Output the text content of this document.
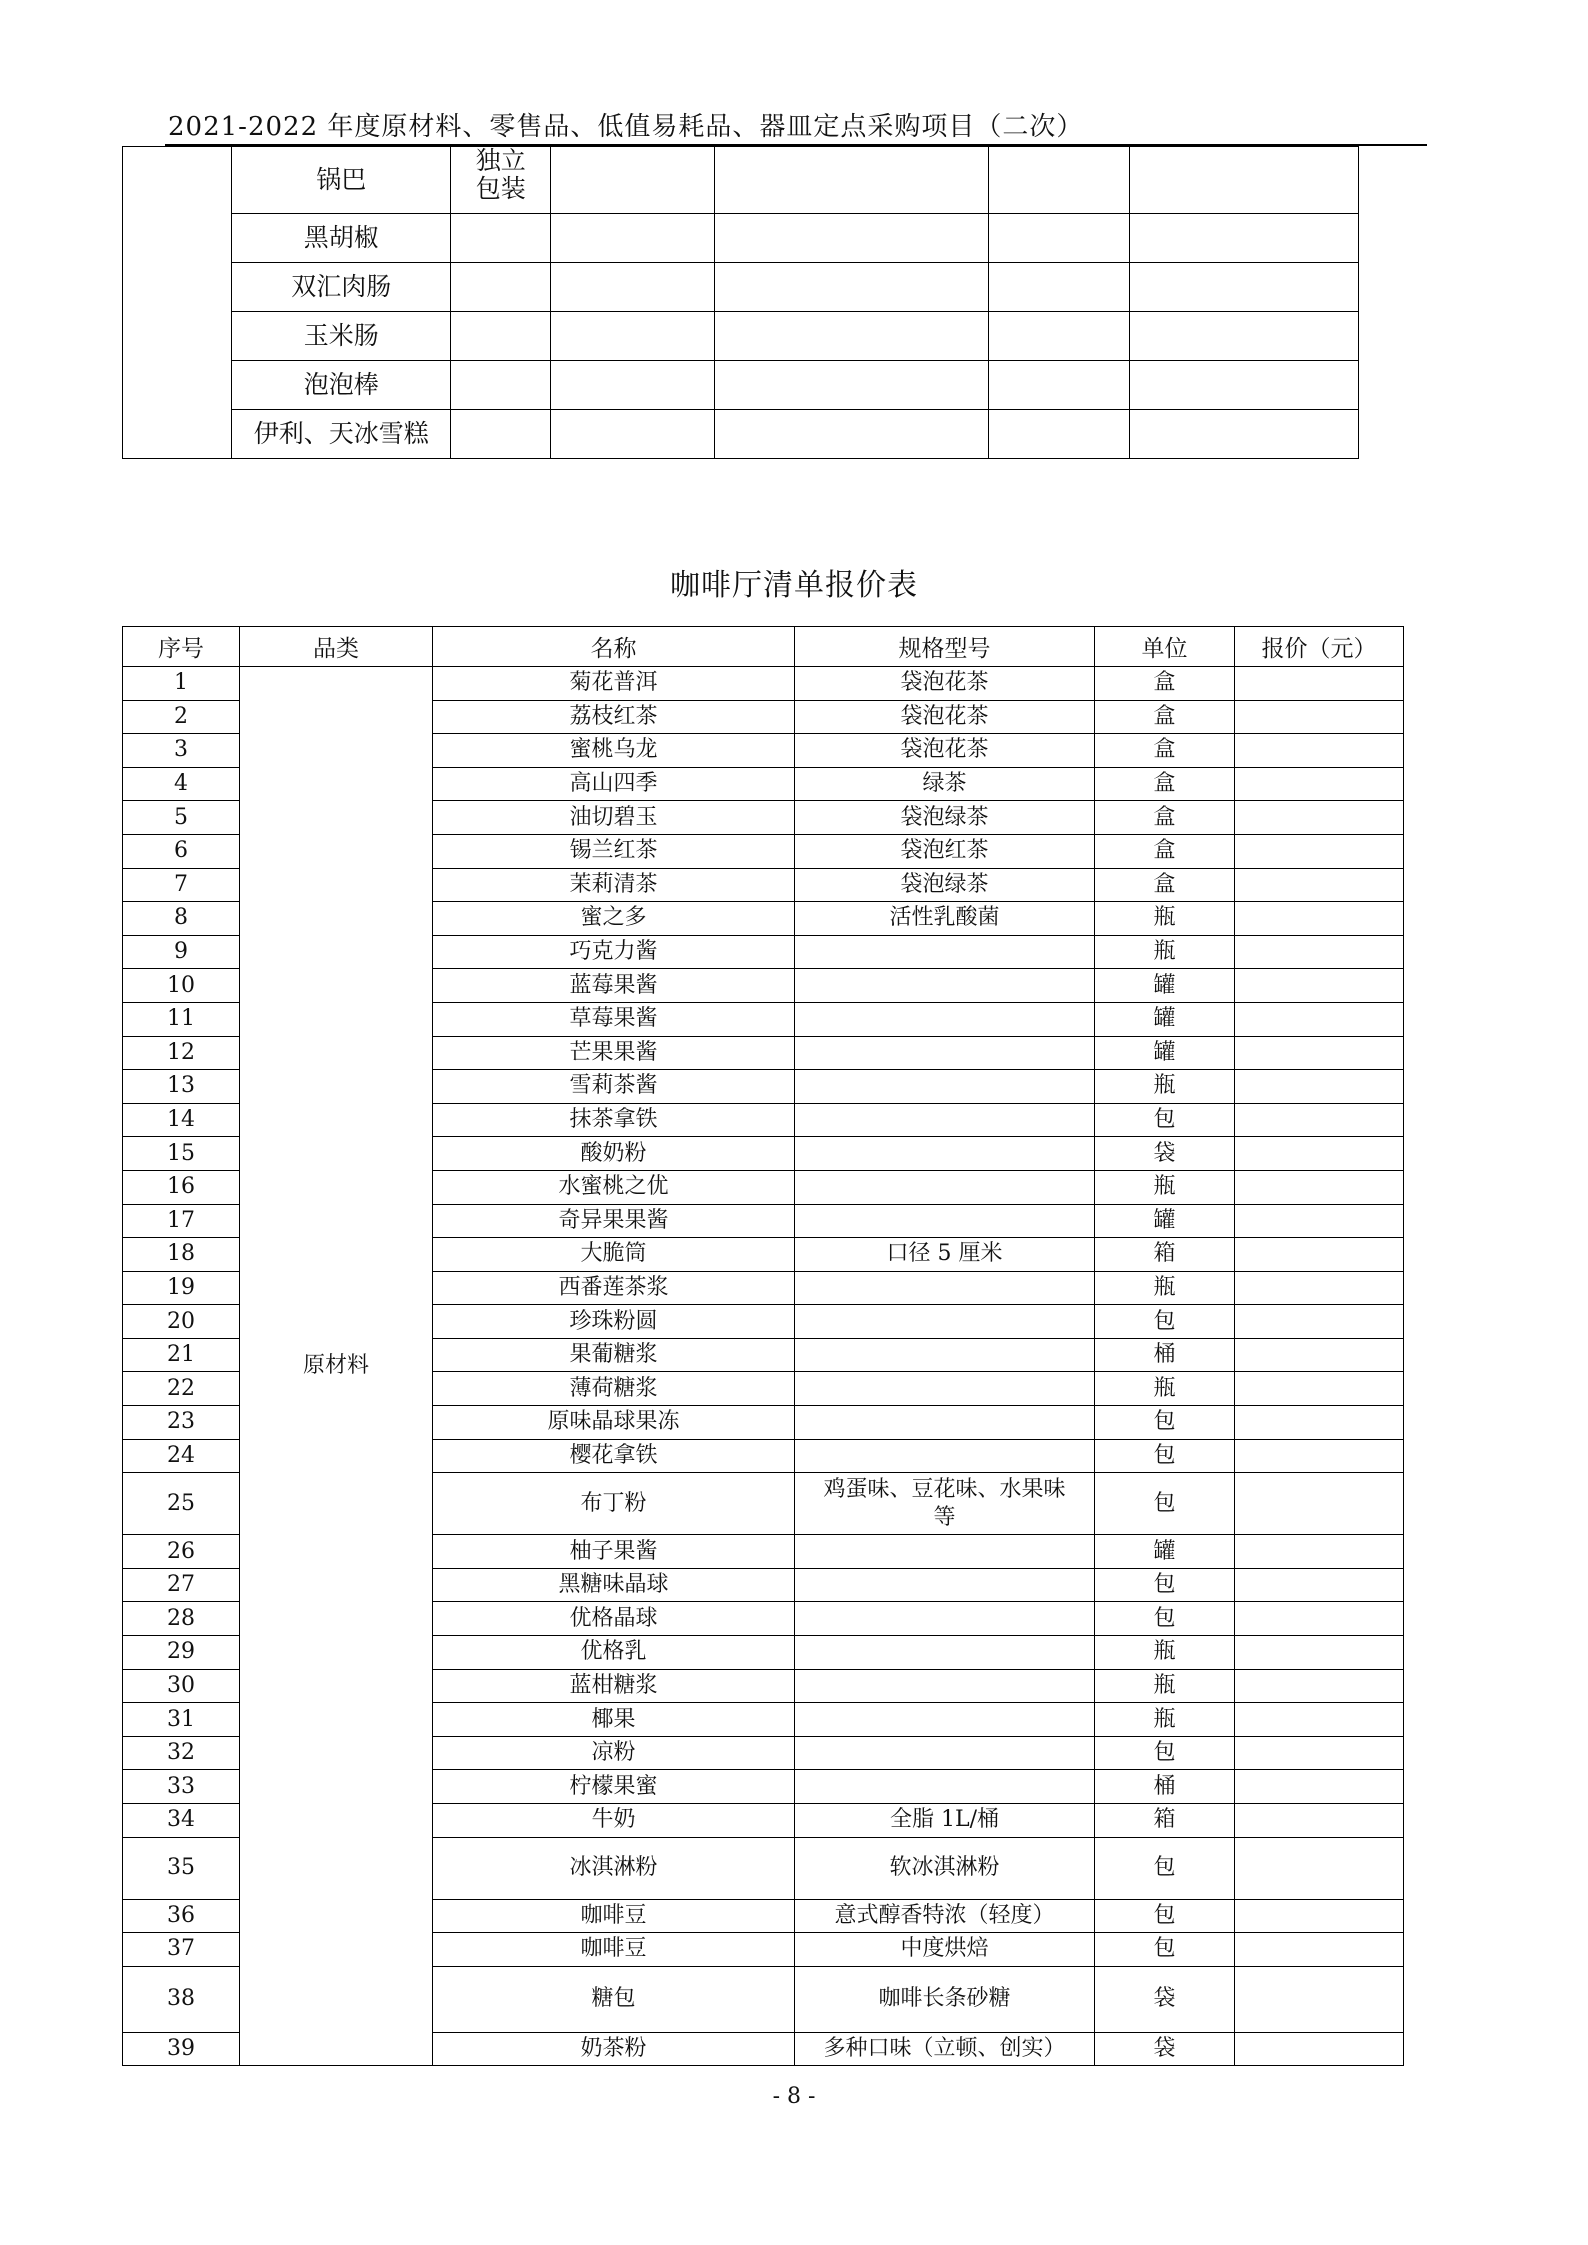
2021-2022 年度原材料、零售品、低值易耗品、器皿定点采购项目（二次）
	锅巴	独立
包装				
	黑胡椒					
	双汇肉肠					
	玉米肠					
	泡泡棒					
	伊利、天冰雪糕					
咖啡厅清单报价表
序号	品类	名称	规格型号	单位	报价（元）
1	原材料	菊花普洱	袋泡花茶	盒	
2		荔枝红茶	袋泡花茶	盒	
3		蜜桃乌龙	袋泡花茶	盒	
4		高山四季	绿茶	盒	
5		油切碧玉	袋泡绿茶	盒	
6		锡兰红茶	袋泡红茶	盒	
7		茉莉清茶	袋泡绿茶	盒	
8		蜜之多	活性乳酸菌	瓶	
9		巧克力酱		瓶	
10		蓝莓果酱		罐	
11		草莓果酱		罐	
12		芒果果酱		罐	
13		雪莉茶酱		瓶	
14		抹茶拿铁		包	
15		酸奶粉		袋	
16		水蜜桃之优		瓶	
17		奇异果果酱		罐	
18		大脆筒	口径 5 厘米	箱	
19		西番莲茶浆		瓶	
20		珍珠粉圆		包	
21		果葡糖浆		桶	
22		薄荷糖浆		瓶	
23		原味晶球果冻		包	
24		樱花拿铁		包	
25		布丁粉	鸡蛋味、豆花味、水果味
等	包	
26		柚子果酱		罐	
27		黑糖味晶球		包	
28		优格晶球		包	
29		优格乳		瓶	
30		蓝柑糖浆		瓶	
31		椰果		瓶	
32		凉粉		包	
33		柠檬果蜜		桶	
34		牛奶	全脂 1L/桶	箱	
35		冰淇淋粉	软冰淇淋粉	包	
36		咖啡豆	意式醇香特浓（轻度）	包	
37		咖啡豆	中度烘焙	包	
38		糖包	咖啡长条砂糖	袋	
39		奶茶粉	多种口味（立顿、创实）	袋	
- 8 -
